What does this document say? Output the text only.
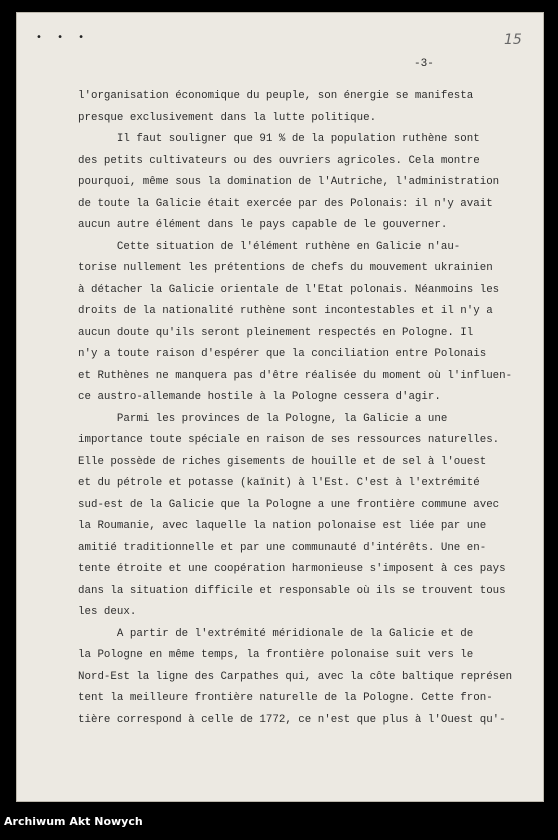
• • •	15
-3-
l'organisation économique du peuple, son énergie se manifesta
presque exclusivement dans la lutte politique.
Il faut souligner que 91 % de la population ruthène sont
des petits cultivateurs ou des ouvriers agricoles. Cela montre
pourquoi, même sous la domination de l'Autriche, l'administration
de toute la Galicie était exercée par des Polonais: il n'y avait
aucun autre élément dans le pays capable de le gouverner.
Cette situation de l'élément ruthène en Galicie n'au-
torise nullement les prétentions de chefs du mouvement ukrainien
à détacher la Galicie orientale de l'Etat polonais. Néanmoins les
droits de la nationalité ruthène sont incontestables et il n'y a
aucun doute qu'ils seront pleinement respectés en Pologne. Il
n'y a toute raison d'espérer que la conciliation entre Polonais
et Ruthènes ne manquera pas d'être réalisée du moment où l'influen-
ce austro-allemande hostile à la Pologne cessera d'agir.
Parmi les provinces de la Pologne, la Galicie a une
importance toute spéciale en raison de ses ressources naturelles.
Elle possède de riches gisements de houille et de sel à l'ouest
et du pétrole et potasse (kaïnit) à l'Est. C'est à l'extrémité
sud-est de la Galicie que la Pologne a une frontière commune avec
la Roumanie, avec laquelle la nation polonaise est liée par une
amitié traditionnelle et par une communauté d'intérêts. Une en-
tente étroite et une coopération harmonieuse s'imposent à ces pays
dans la situation difficile et responsable où ils se trouvent tous
les deux.
A partir de l'extrémité méridionale de la Galicie et de
la Pologne en même temps, la frontière polonaise suit vers le
Nord-Est la ligne des Carpathes qui, avec la côte baltique représen
tent la meilleure frontière naturelle de la Pologne. Cette fron-
tière correspond à celle de 1772, ce n'est que plus à l'Ouest qu'-
Archiwum Akt Nowych
